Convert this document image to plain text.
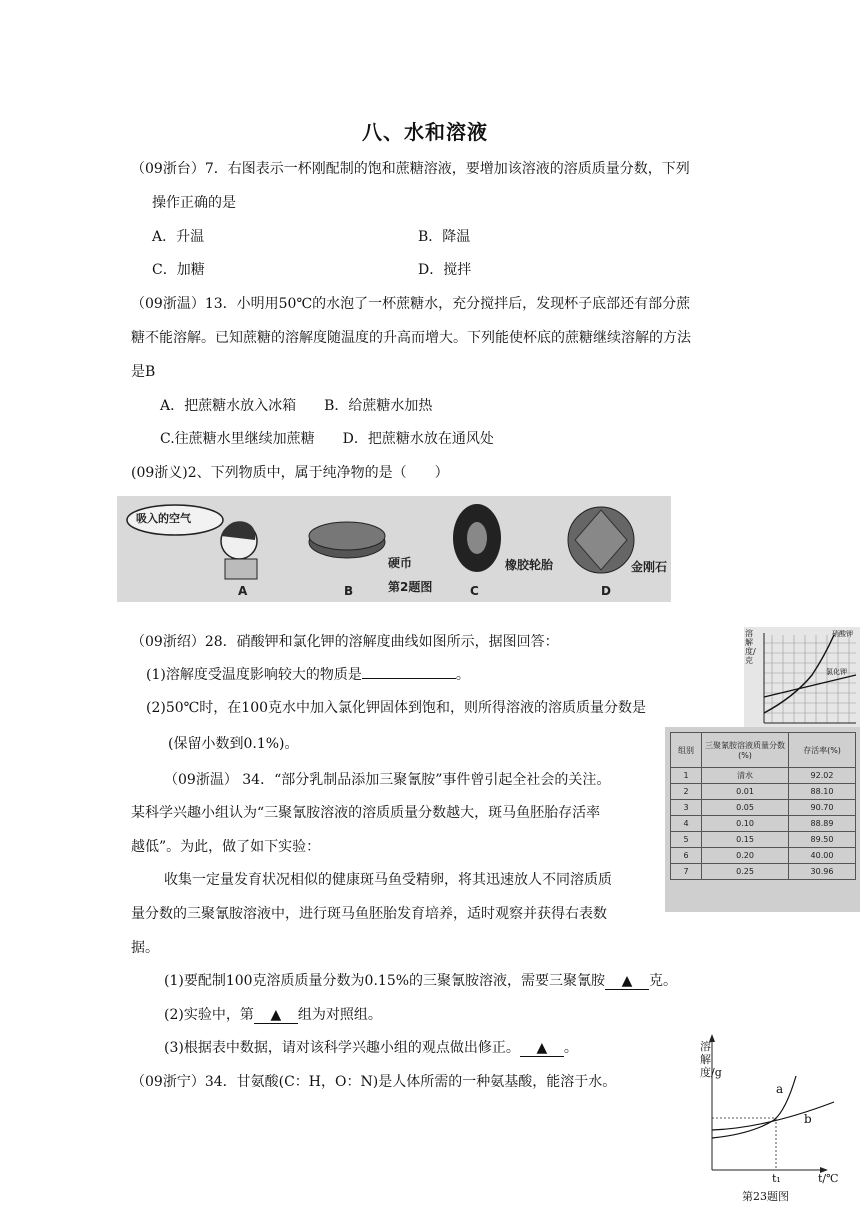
八、水和溶液
（09浙台）7．右图表示一杯刚配制的饱和蔗糖溶液，要增加该溶液的溶质质量分数，下列
操作正确的是
A．升温	B．降温
C．加糖	D．搅拌
（09浙温）13．小明用50℃的水泡了一杯蔗糖水，充分搅拌后，发现杯子底部还有部分蔗
糖不能溶解。已知蔗糖的溶解度随温度的升高而增大。下列能使杯底的蔗糖继续溶解的方法
是B
A．把蔗糖水放入冰箱　　B．给蔗糖水加热
C.往蔗糖水里继续加蔗糖　　D．把蔗糖水放在通风处
(09浙义)2、下列物质中，属于纯净物的是（　　）
吸入的空气
硬币	橡胶轮胎	金刚石
第2题图
A	B	C	D
（09浙绍）28．硝酸钾和氯化钾的溶解度曲线如图所示，据图回答：
(1)溶解度受温度影响较大的物质是	。
(2)50℃时，在100克水中加入氯化钾固体到饱和，则所得溶液的溶质质量分数是
(保留小数到0.1%)。
溶解度/克
硝酸钾
氯化钾
（09浙温） 34．“部分乳制品添加三聚氰胺”事件曾引起全社会的关注。
某科学兴趣小组认为“三聚氰胺溶液的溶质质量分数越大，斑马鱼胚胎存活率
越低”。为此，做了如下实验：
收集一定量发育状况相似的健康斑马鱼受精卵，将其迅速放人不同溶质质
量分数的三聚氰胺溶液中，进行斑马鱼胚胎发育培养，适时观察并获得右表数
据。
(1)要配制100克溶质质量分数为0.15%的三聚氰胺溶液，需要三聚氰胺 ▲ 克。
(2)实验中，第 ▲ 组为对照组。
(3)根据表中数据，请对该科学兴趣小组的观点做出修正。 ▲ 。
组别	三聚氰胺溶液质量分数(%)	存活率(%)
1	清水	92.02
2	0.01	88.10
3	0.05	90.70
4	0.10	88.89
5	0.15	89.50
6	0.20	40.00
7	0.25	30.96
（09浙宁）34．甘氨酸(C：H，O：N)是人体所需的一种氨基酸，能溶于水。
溶解度/g
t/℃
a
b
t₁
第23题图
